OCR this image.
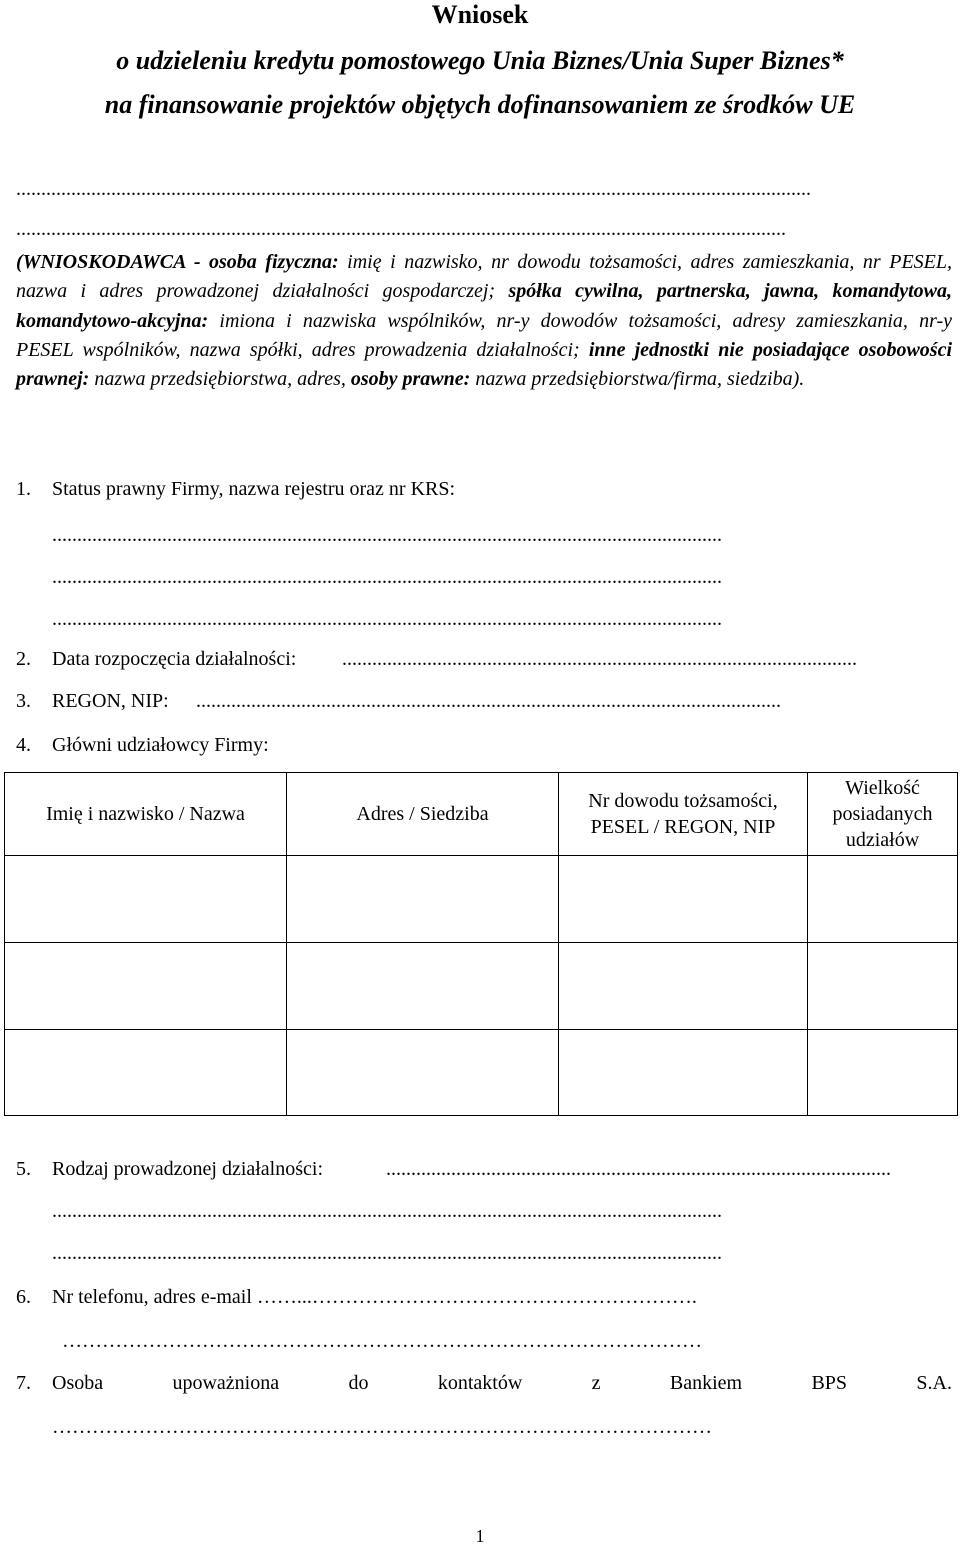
Wniosek
o udzieleniu kredytu pomostowego Unia Biznes/Unia Super Biznes*
na finansowanie projektów objętych dofinansowaniem ze środków UE
...............................................................................................................................................................
..........................................................................................................................................................
(WNIOSKODAWCA - osoba fizyczna: imię i nazwisko, nr dowodu tożsamości, adres zamieszkania, nr PESEL, nazwa i adres prowadzonej działalności gospodarczej; spółka cywilna, partnerska, jawna, komandytowa, komandytowo-akcyjna: imiona i nazwiska wspólników, nr-y dowodów tożsamości, adresy zamieszkania, nr-y PESEL wspólników, nazwa spółki, adres prowadzenia działalności; inne jednostki nie posiadające osobowości prawnej: nazwa przedsiębiorstwa, adres, osoby prawne: nazwa przedsiębiorstwa/firma, siedziba).
1. Status prawny Firmy, nazwa rejestru oraz nr KRS:
......................................................................................................................................
......................................................................................................................................
......................................................................................................................................
2. Data rozpoczęcia działalności: .......................................................................................................
3. REGON, NIP: .....................................................................................................................
4. Główni udziałowcy Firmy:
Imię i nazwisko / Nazwa	Adres / Siedziba	Nr dowodu tożsamości, PESEL / REGON, NIP	Wielkość posiadanych udziałów

5. Rodzaj prowadzonej działalności:	.....................................................................................................
......................................................................................................................................
......................................................................................................................................
6. Nr telefonu, adres e-mail ……...………………………………………………….
……………………………………………………………………………………
7. Osoba	upoważniona	do	kontaktów	z	Bankiem	BPS	S.A.
………………………………………………………………………………………
1
